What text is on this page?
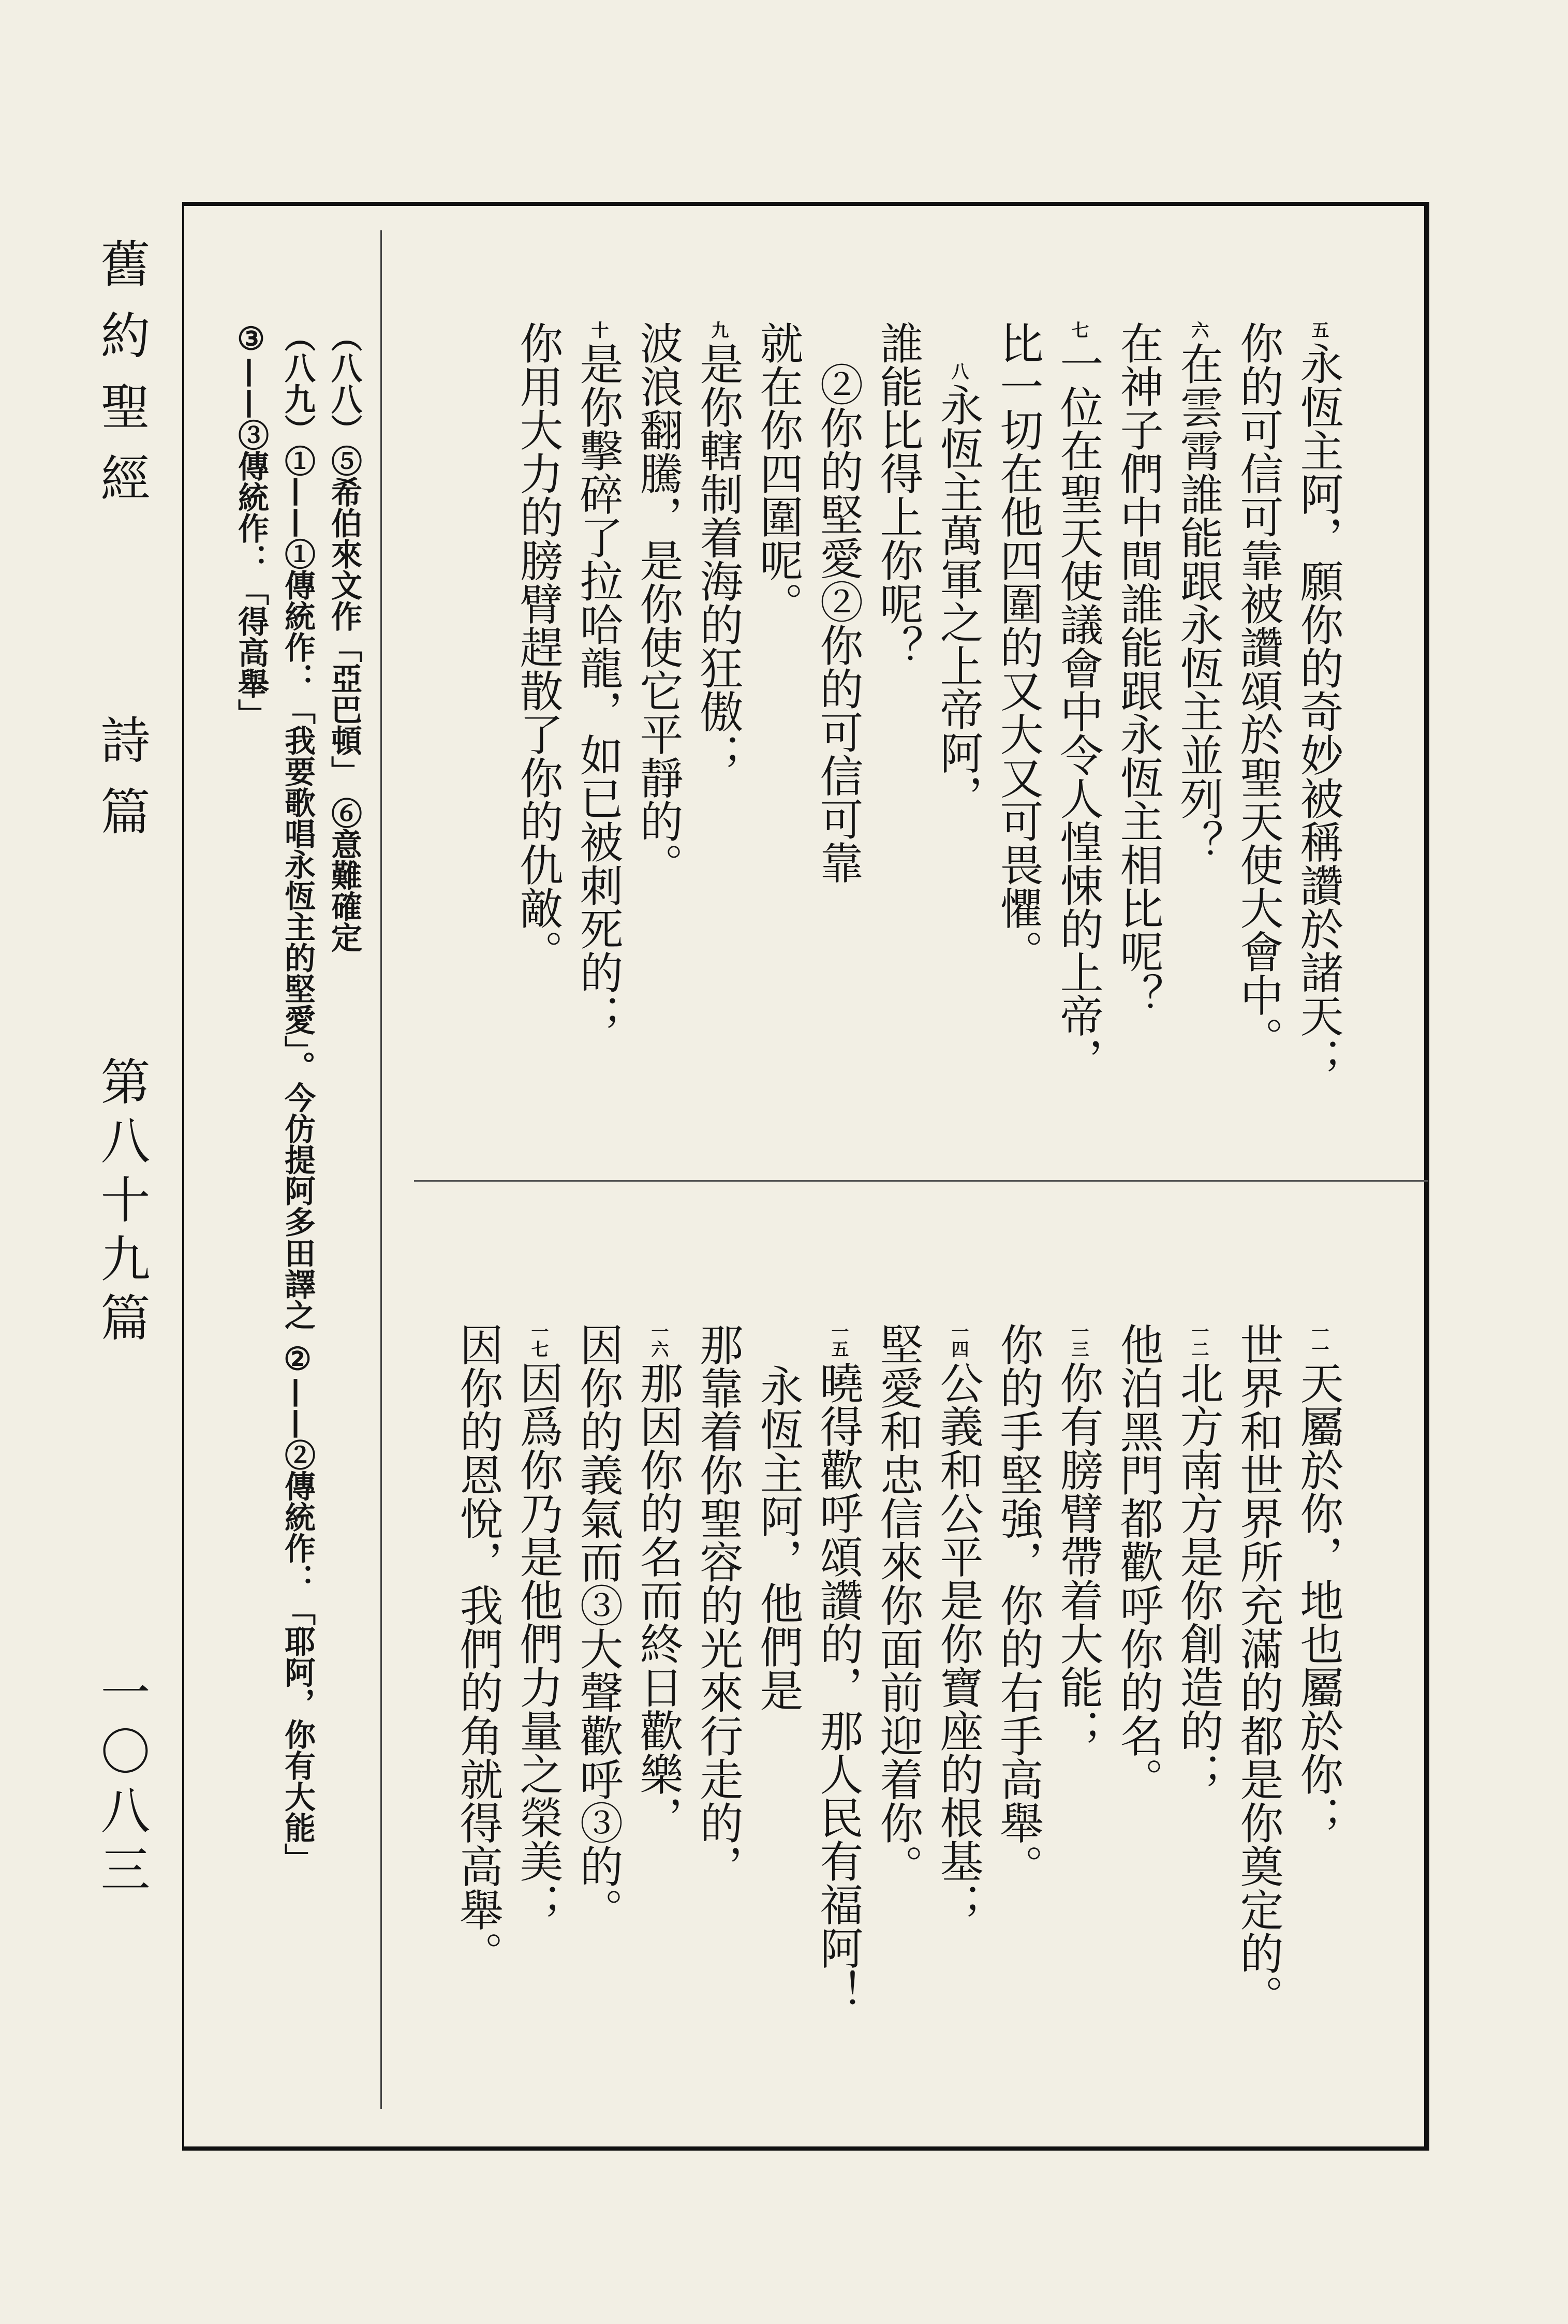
舊約聖經
詩篇
第八十九篇
一〇八三
五永恆主阿，願你的奇妙被稱讚於諸天；
你的可信可靠被讚頌於聖天使大會中。
六在雲霄誰能跟永恆主並列？
在神子們中間誰能跟永恆主相比呢？
七一位在聖天使議會中令人惶悚的上帝，
比一切在他四圍的又大又可畏懼。
八永恆主萬軍之上帝阿，
誰能比得上你呢？
②你的堅愛②你的可信可靠
就在你四圍呢。
九是你轄制着海的狂傲；
波浪翻騰，是你使它平靜的。
十是你擊碎了拉哈龍，如已被刺死的；
你用大力的膀臂趕散了你的仇敵。
一一天屬於你，地也屬於你；
世界和世界所充滿的都是你奠定的。
一二北方南方是你創造的；
他泊黑門都歡呼你的名。
一三你有膀臂帶着大能；
你的手堅強，你的右手高舉。
一四公義和公平是你寶座的根基；
堅愛和忠信來你面前迎着你。
一五曉得歡呼頌讚的，那人民有福阿！
永恆主阿，他們是
那靠着你聖容的光來行走的，
一六那因你的名而終日歡樂，
因你的義氣而③大聲歡呼③的。
一七因爲你乃是他們力量之榮美；
因你的恩悅，我們的角就得高舉。
（八八）⑤希伯來文作「亞巴頓」 ⑥意難確定
（八九）①——①傳統作：「我要歌唱永恆主的堅愛」。今仿提阿多田譯之 ②——②傳統作：「耶阿，你有大能」
③——③傳統作：「得高舉」
